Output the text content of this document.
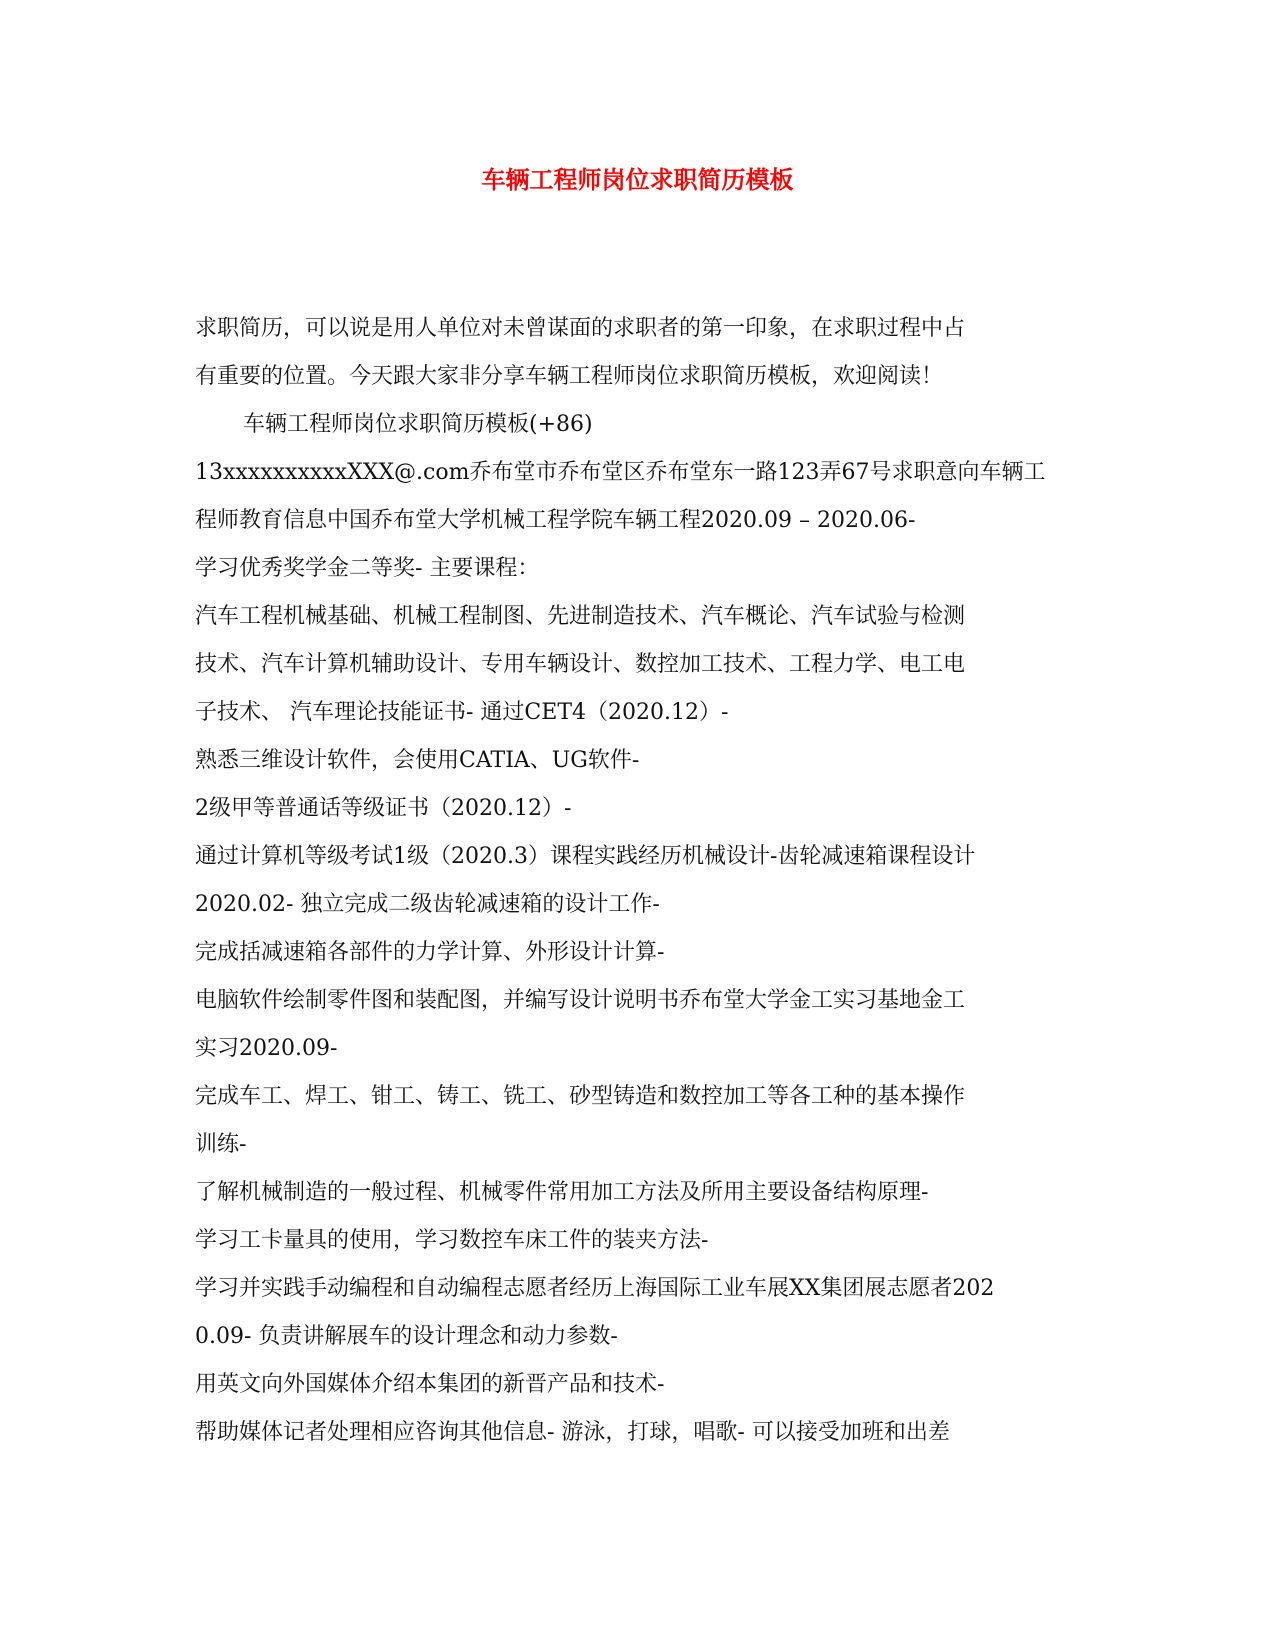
车辆工程师岗位求职简历模板
求职简历，可以说是用人单位对未曾谋面的求职者的第一印象，在求职过程中占
有重要的位置。今天跟大家非分享车辆工程师岗位求职简历模板，欢迎阅读！
车辆工程师岗位求职简历模板(+86)
13xxxxxxxxxxXXX@.com乔布堂市乔布堂区乔布堂东一路123弄67号求职意向车辆工
程师教育信息中国乔布堂大学机械工程学院车辆工程2020.09 – 2020.06-
学习优秀奖学金二等奖- 主要课程：
汽车工程机械基础、机械工程制图、先进制造技术、汽车概论、汽车试验与检测
技术、汽车计算机辅助设计、专用车辆设计、数控加工技术、工程力学、电工电
子技术、 汽车理论技能证书- 通过CET4（2020.12）-
熟悉三维设计软件，会使用CATIA、UG软件-
2级甲等普通话等级证书（2020.12）-
通过计算机等级考试1级（2020.3）课程实践经历机械设计-齿轮减速箱课程设计
2020.02- 独立完成二级齿轮减速箱的设计工作-
完成括减速箱各部件的力学计算、外形设计计算-
电脑软件绘制零件图和装配图，并编写设计说明书乔布堂大学金工实习基地金工
实习2020.09-
完成车工、焊工、钳工、铸工、铣工、砂型铸造和数控加工等各工种的基本操作
训练-
了解机械制造的一般过程、机械零件常用加工方法及所用主要设备结构原理-
学习工卡量具的使用，学习数控车床工件的装夹方法-
学习并实践手动编程和自动编程志愿者经历上海国际工业车展XX集团展志愿者202
0.09- 负责讲解展车的设计理念和动力参数-
用英文向外国媒体介绍本集团的新晋产品和技术-
帮助媒体记者处理相应咨询其他信息- 游泳，打球，唱歌- 可以接受加班和出差
